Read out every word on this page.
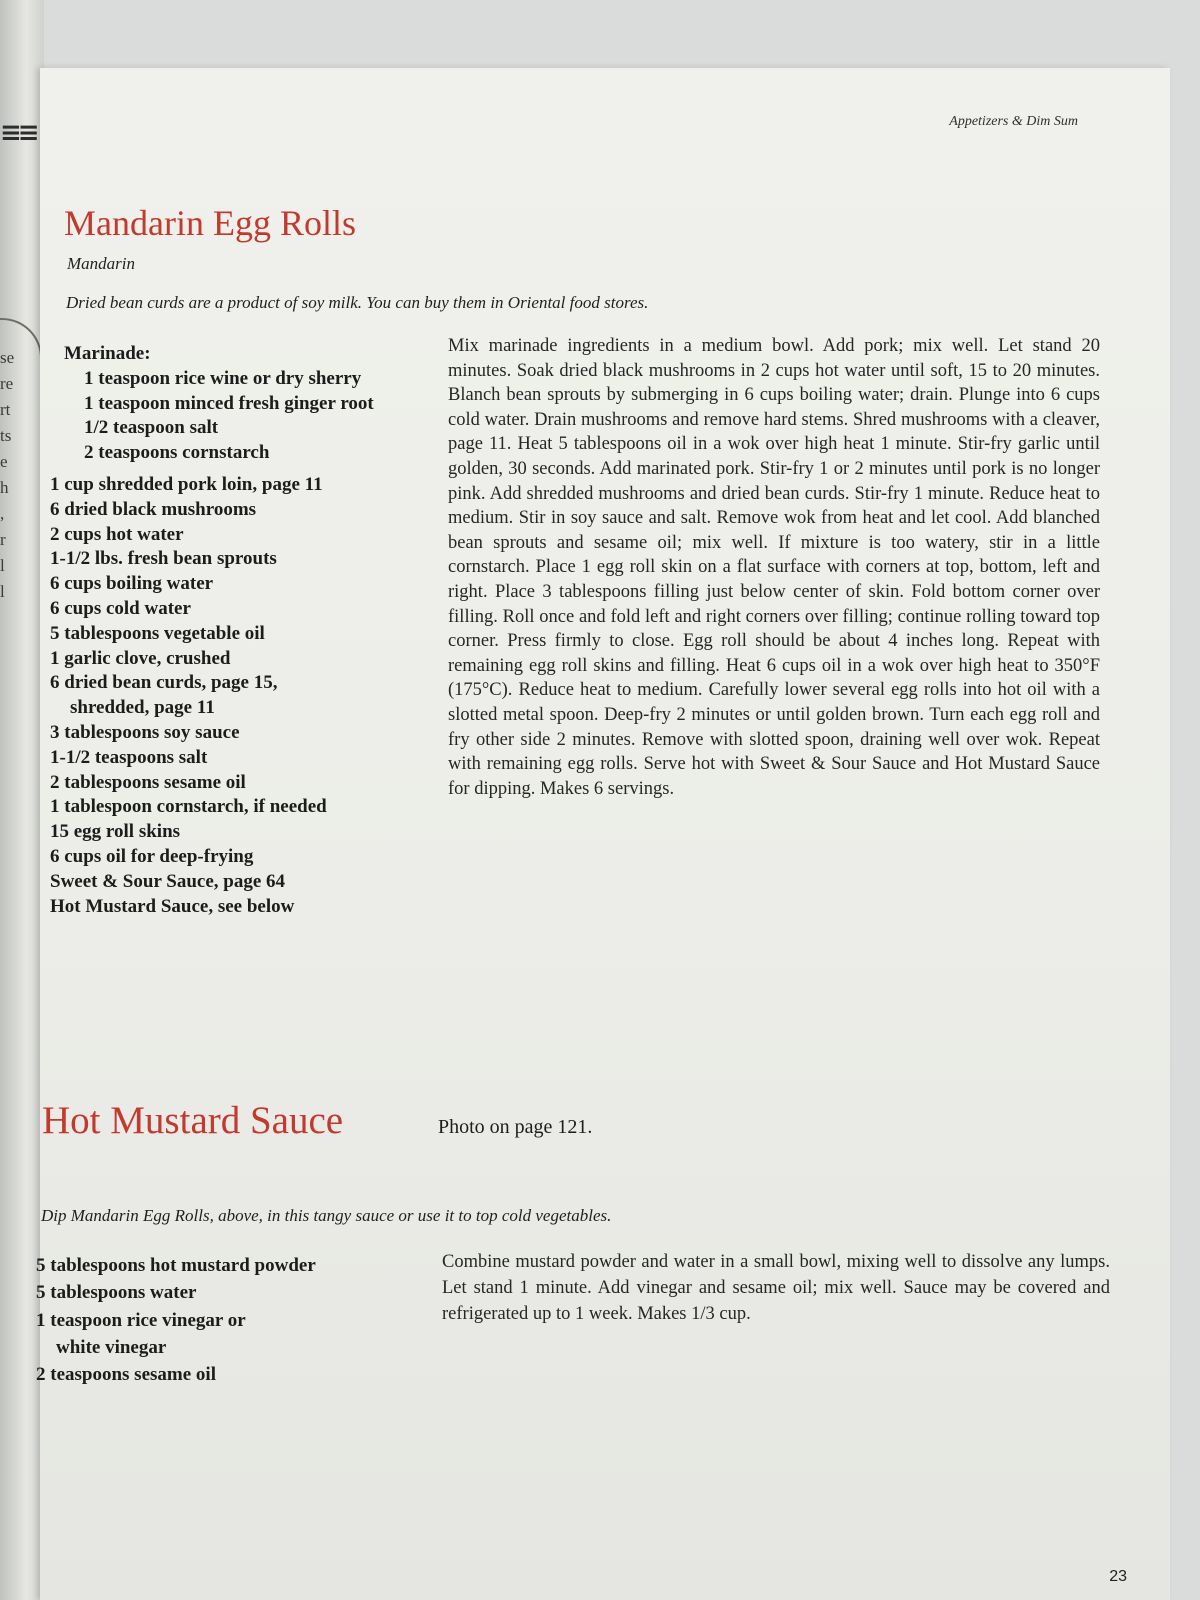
≡≡
se
re
rt
ts
e
h
,
r
l
l
Appetizers & Dim Sum
Mandarin Egg Rolls
Mandarin
Dried bean curds are a product of soy milk. You can buy them in Oriental food stores.
Marinade:
1 teaspoon rice wine or dry sherry
1 teaspoon minced fresh ginger root
1/2 teaspoon salt
2 teaspoons cornstarch
1 cup shredded pork loin, page 11
6 dried black mushrooms
2 cups hot water
1-1/2 lbs. fresh bean sprouts
6 cups boiling water
6 cups cold water
5 tablespoons vegetable oil
1 garlic clove, crushed
6 dried bean curds, page 15,
shredded, page 11
3 tablespoons soy sauce
1-1/2 teaspoons salt
2 tablespoons sesame oil
1 tablespoon cornstarch, if needed
15 egg roll skins
6 cups oil for deep-frying
Sweet & Sour Sauce, page 64
Hot Mustard Sauce, see below

Mix marinade ingredients in a medium bowl. Add pork; mix well. Let stand 20 minutes. Soak dried black mushrooms in 2 cups hot water until soft, 15 to 20 minutes. Blanch bean sprouts by submerging in 6 cups boiling water; drain. Plunge into 6 cups cold water. Drain mushrooms and remove hard stems. Shred mushrooms with a cleaver, page 11. Heat 5 tablespoons oil in a wok over high heat 1 minute. Stir-fry garlic until golden, 30 seconds. Add marinated pork. Stir-fry 1 or 2 minutes until pork is no longer pink. Add shredded mushrooms and dried bean curds. Stir-fry 1 minute. Reduce heat to medium. Stir in soy sauce and salt. Remove wok from heat and let cool. Add blanched bean sprouts and sesame oil; mix well. If mixture is too watery, stir in a little cornstarch. Place 1 egg roll skin on a flat surface with corners at top, bottom, left and right. Place 3 tablespoons filling just below center of skin. Fold bottom corner over filling. Roll once and fold left and right corners over filling; continue rolling toward top corner. Press firmly to close. Egg roll should be about 4 inches long. Repeat with remaining egg roll skins and filling. Heat 6 cups oil in a wok over high heat to 350°F (175°C). Reduce heat to medium. Carefully lower several egg rolls into hot oil with a slotted metal spoon. Deep-fry 2 minutes or until golden brown. Turn each egg roll and fry other side 2 minutes. Remove with slotted spoon, draining well over wok. Repeat with remaining egg rolls. Serve hot with Sweet & Sour Sauce and Hot Mustard Sauce for dipping. Makes 6 servings.

Hot Mustard Sauce	Photo on page 121.
Dip Mandarin Egg Rolls, above, in this tangy sauce or use it to top cold vegetables.
5 tablespoons hot mustard powder
5 tablespoons water
1 teaspoon rice vinegar or
white vinegar
2 teaspoons sesame oil

Combine mustard powder and water in a small bowl, mixing well to dissolve any lumps. Let stand 1 minute. Add vinegar and sesame oil; mix well. Sauce may be covered and refrigerated up to 1 week. Makes 1/3 cup.

23
